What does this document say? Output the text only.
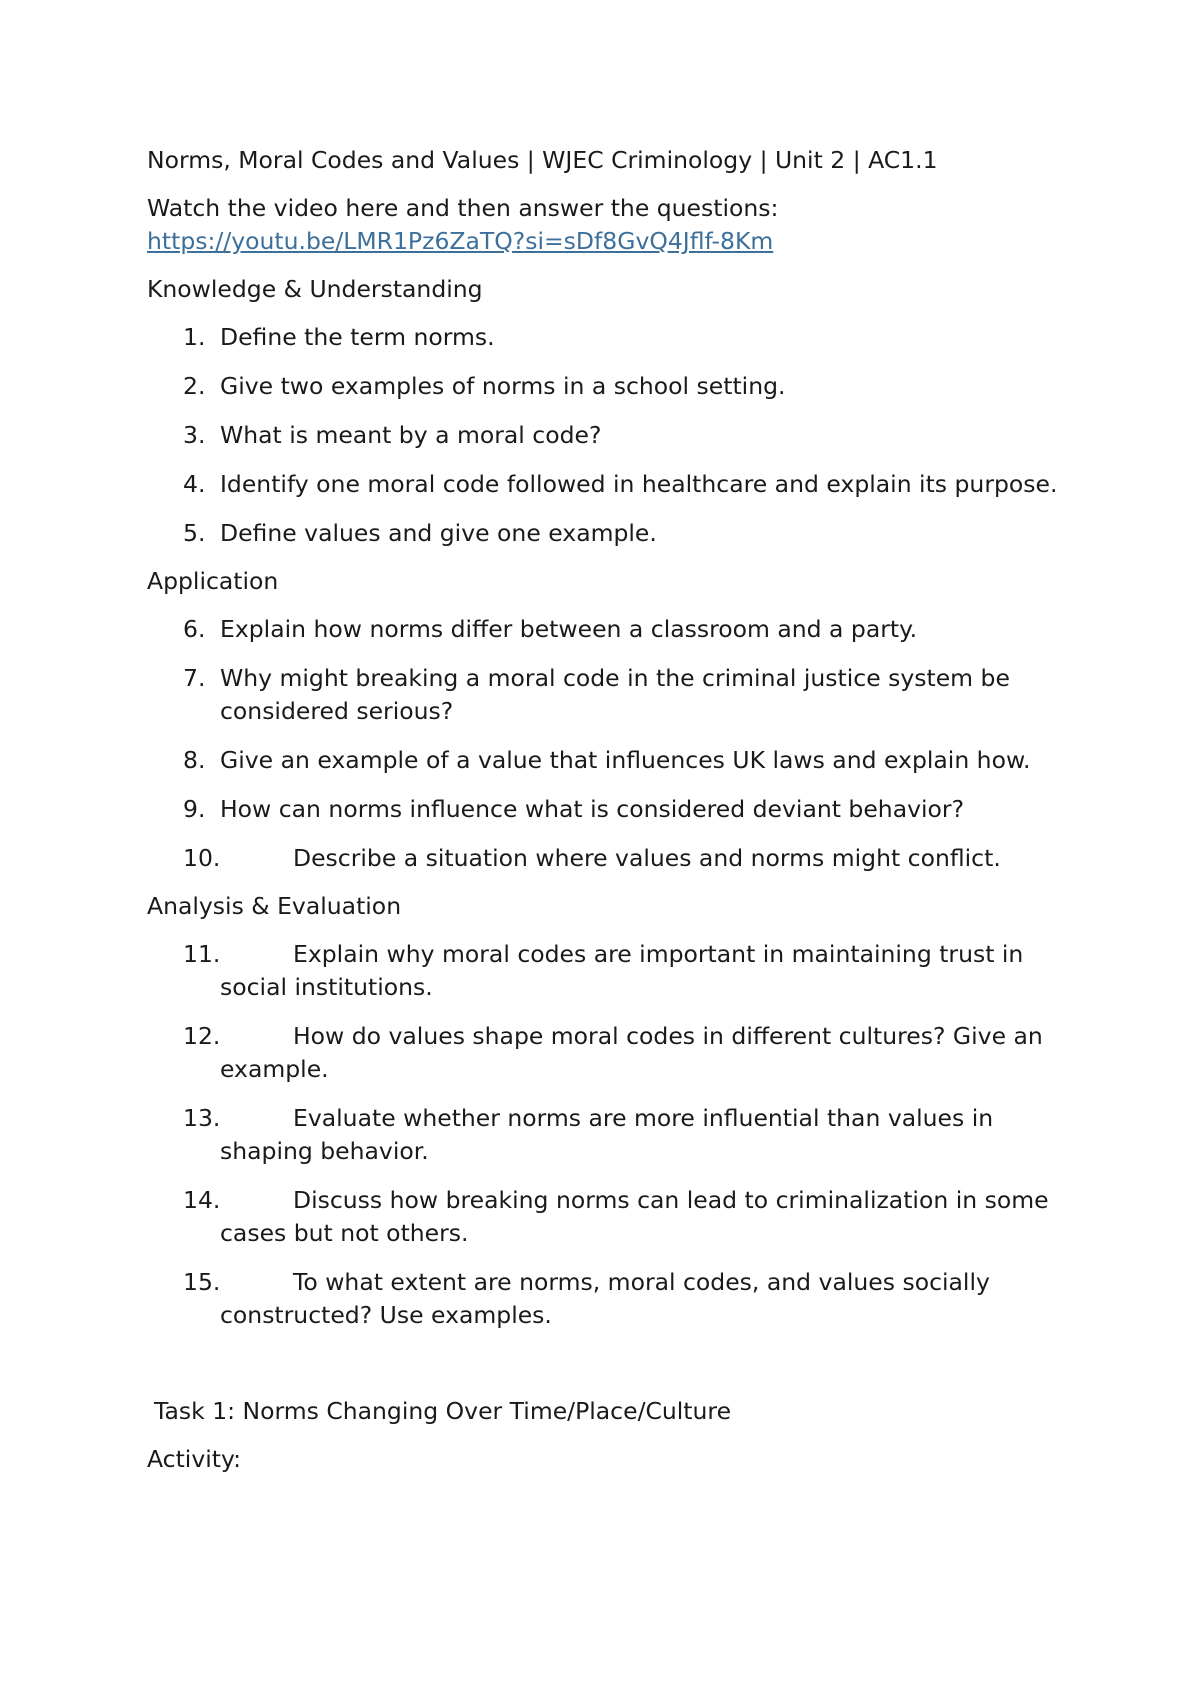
Norms, Moral Codes and Values | WJEC Criminology | Unit 2 | AC1.1

Watch the video here and then answer the questions:
https://youtu.be/LMR1Pz6ZaTQ?si=sDf8GvQ4Jflf-8Km

Knowledge & Understanding

1. Define the term norms.
2. Give two examples of norms in a school setting.
3. What is meant by a moral code?
4. Identify one moral code followed in healthcare and explain its purpose.
5. Define values and give one example.

Application

6. Explain how norms differ between a classroom and a party.
7. Why might breaking a moral code in the criminal justice system be considered serious?
8. Give an example of a value that influences UK laws and explain how.
9. How can norms influence what is considered deviant behavior?
10.	Describe a situation where values and norms might conflict.

Analysis & Evaluation

11.	Explain why moral codes are important in maintaining trust in social institutions.
12.	How do values shape moral codes in different cultures? Give an example.
13.	Evaluate whether norms are more influential than values in shaping behavior.
14.	Discuss how breaking norms can lead to criminalization in some cases but not others.
15.	To what extent are norms, moral codes, and values socially constructed? Use examples.

Task 1: Norms Changing Over Time/Place/Culture

Activity:
